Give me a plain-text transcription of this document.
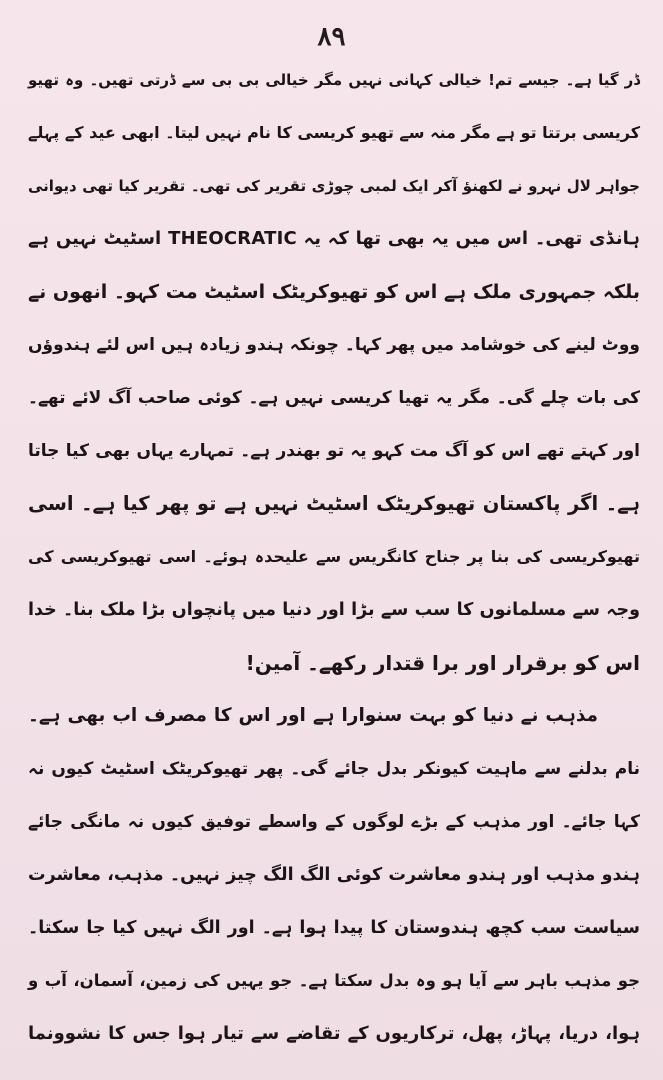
۸۹
ڈر گیا ہے۔ جیسے تم! خیالی کہانی نہیں مگر خیالی بی بی سے ڈرتی تھیں۔ وہ تھیو
کریسی برتتا تو ہے مگر منہ سے تھیو کریسی کا نام نہیں لیتا۔ ابھی عید کے پہلے
جواہر لال نہرو نے لکھنؤ آکر ایک لمبی چوڑی تقریر کی تھی۔ تقریر کیا تھی دیوانی
ہانڈی تھی۔ اس میں یہ بھی تھا کہ یہ THEOCRATIC اسٹیٹ نہیں ہے
بلکہ جمہوری ملک ہے اس کو تھیوکریٹک اسٹیٹ مت کہو۔ انھوں نے
ووٹ لینے کی خوشامد میں پھر کہا۔ چونکہ ہندو زیادہ ہیں اس لئے ہندوؤں
کی بات چلے گی۔ مگر یہ تھیا کریسی نہیں ہے۔ کوئی صاحب آگ لائے تھے۔
اور کہتے تھے اس کو آگ مت کہو یہ تو بھندر ہے۔ تمہارے یہاں بھی کیا جاتا
ہے۔ اگر پاکستان تھیوکریٹک اسٹیٹ نہیں ہے تو پھر کیا ہے۔ اسی
تھیوکریسی کی بنا پر جناح کانگریس سے علیحدہ ہوئے۔ اسی تھیوکریسی کی
وجہ سے مسلمانوں کا سب سے بڑا اور دنیا میں پانچواں بڑا ملک بنا۔ خدا
اس کو برقرار اور برا قتدار رکھے۔ آمین!
مذہب نے دنیا کو بہت سنوارا ہے اور اس کا مصرف اب بھی ہے۔
نام بدلنے سے ماہیت کیونکر بدل جائے گی۔ پھر تھیوکریٹک اسٹیٹ کیوں نہ
کہا جائے۔ اور مذہب کے بڑے لوگوں کے واسطے توفیق کیوں نہ مانگی جائے
ہندو مذہب اور ہندو معاشرت کوئی الگ الگ چیز نہیں۔ مذہب، معاشرت
سیاست سب کچھ ہندوستان کا پیدا ہوا ہے۔ اور الگ نہیں کیا جا سکتا۔
جو مذہب باہر سے آیا ہو وہ بدل سکتا ہے۔ جو یہیں کی زمین، آسمان، آب و
ہوا، دریا، پہاڑ، پھل، ترکاریوں کے تقاضے سے تیار ہوا جس کا نشوونما
